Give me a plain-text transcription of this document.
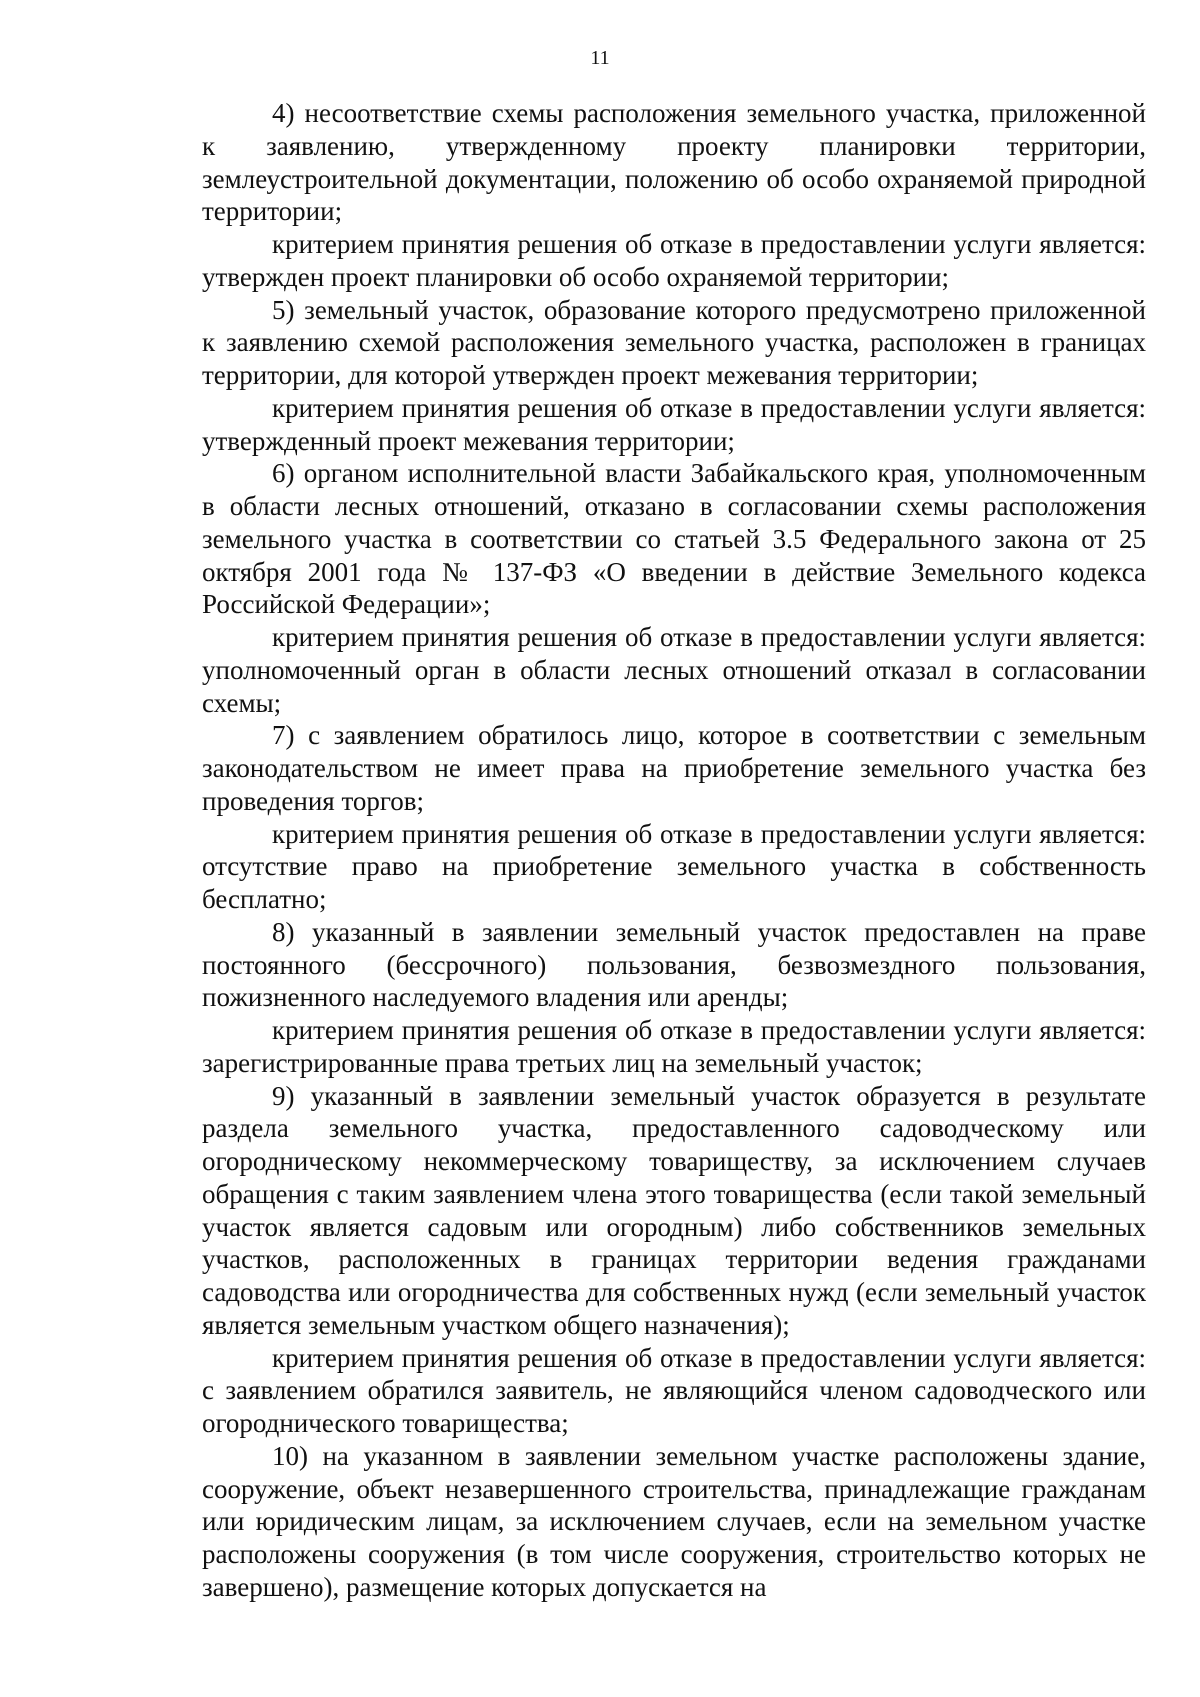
11

4) несоответствие схемы расположения земельного участка, приложенной к заявлению, утвержденному проекту планировки территории, землеустроительной документации, положению об особо охраняемой природной территории;

критерием принятия решения об отказе в предоставлении услуги является: утвержден проект планировки об особо охраняемой территории;

5) земельный участок, образование которого предусмотрено приложенной к заявлению схемой расположения земельного участка, расположен в границах территории, для которой утвержден проект межевания территории;

критерием принятия решения об отказе в предоставлении услуги является: утвержденный проект межевания территории;

6) органом исполнительной власти Забайкальского края, уполномоченным в области лесных отношений, отказано в согласовании схемы расположения земельного участка в соответствии со статьей 3.5 Федерального закона от 25 октября 2001 года № 137-ФЗ «О введении в действие Земельного кодекса Российской Федерации»;

критерием принятия решения об отказе в предоставлении услуги является: уполномоченный орган в области лесных отношений отказал в согласовании схемы;

7) с заявлением обратилось лицо, которое в соответствии с земельным законодательством не имеет права на приобретение земельного участка без проведения торгов;

критерием принятия решения об отказе в предоставлении услуги является: отсутствие право на приобретение земельного участка в собственность бесплатно;

8) указанный в заявлении земельный участок предоставлен на праве постоянного (бессрочного) пользования, безвозмездного пользования, пожизненного наследуемого владения или аренды;

критерием принятия решения об отказе в предоставлении услуги является: зарегистрированные права третьих лиц на земельный участок;

9) указанный в заявлении земельный участок образуется в результате раздела земельного участка, предоставленного садоводческому или огородническому некоммерческому товариществу, за исключением случаев обращения с таким заявлением члена этого товарищества (если такой земельный участок является садовым или огородным) либо собственников земельных участков, расположенных в границах территории ведения гражданами садоводства или огородничества для собственных нужд (если земельный участок является земельным участком общего назначения);

критерием принятия решения об отказе в предоставлении услуги является: с заявлением обратился заявитель, не являющийся членом садоводческого или огороднического товарищества;

10) на указанном в заявлении земельном участке расположены здание, сооружение, объект незавершенного строительства, принадлежащие гражданам или юридическим лицам, за исключением случаев, если на земельном участке расположены сооружения (в том числе сооружения, строительство которых не завершено), размещение которых допускается на
